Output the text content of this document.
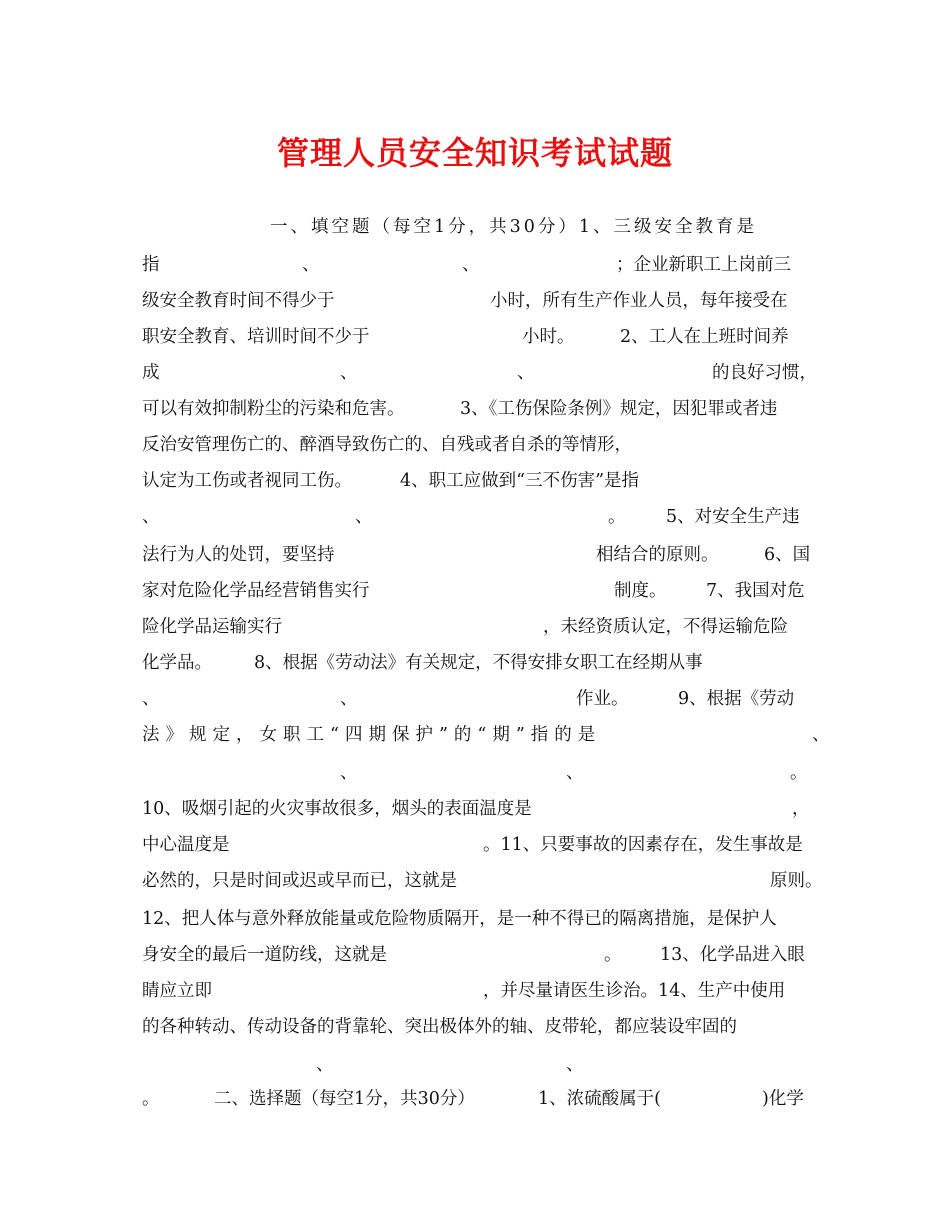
管理人员安全知识考试试题
一、填空题（每空1分，共30分）1、三级安全教育是
指	、	、	；企业新职工上岗前三
级安全教育时间不得少于	小时，所有生产作业人员，每年接受在
职安全教育、培训时间不少于	小时。	2、工人在上班时间养
成	、	、	的良好习惯，
可以有效抑制粉尘的污染和危害。	3、《工伤保险条例》规定，因犯罪或者违
反治安管理伤亡的、醉酒导致伤亡的、自残或者自杀的等情形，
认定为工伤或者视同工伤。	4、职工应做到“三不伤害”是指
、	、	。 5、对安全生产违
法行为人的处罚，要坚持	相结合的原则。	6、国
家对危险化学品经营销售实行	制度。 7、我国对危
险化学品运输实行	，未经资质认定，不得运输危险
化学品。 8、根据《劳动法》有关规定，不得安排女职工在经期从事
、	、	作业。	9、根据《劳动
法》规定，女职工“四期保护”的“期”指的是	、
、	、	。
10、吸烟引起的火灾事故很多，烟头的表面温度是	，
中心温度是	。11、只要事故的因素存在，发生事故是
必然的，只是时间或迟或早而已，这就是	原则。
12、把人体与意外释放能量或危险物质隔开，是一种不得已的隔离措施，是保护人
身安全的最后一道防线，这就是	。 13、化学品进入眼
睛应立即	，并尽量请医生诊治。14、生产中使用
的各种转动、传动设备的背靠轮、突出极体外的轴、皮带轮，都应装设牢固的
、	、
。	二、选择题（每空1分，共30分）	1、浓硫酸属于(	)化学
